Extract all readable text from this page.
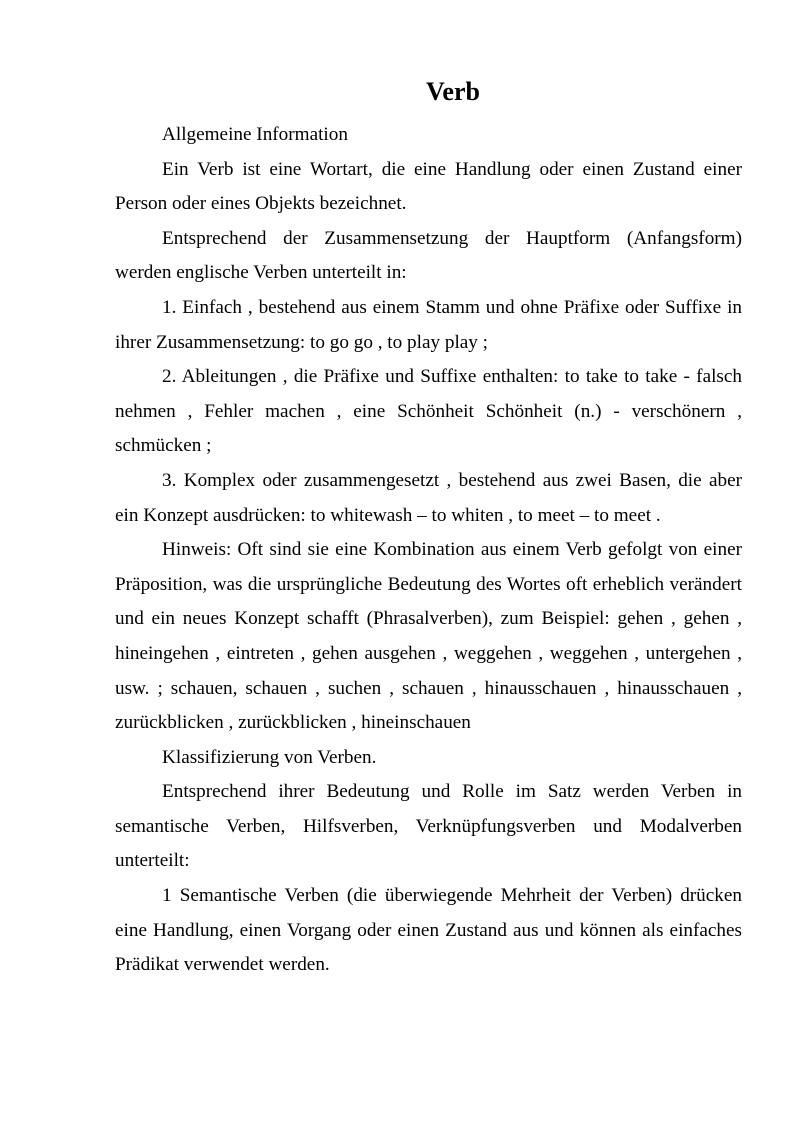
Verb

Allgemeine Information

Ein Verb ist eine Wortart, die eine Handlung oder einen Zustand einer Person oder eines Objekts bezeichnet.

Entsprechend der Zusammensetzung der Hauptform (Anfangsform) werden englische Verben unterteilt in:

1. Einfach , bestehend aus einem Stamm und ohne Präfixe oder Suffixe in ihrer Zusammensetzung: to go go , to play play ;

2. Ableitungen , die Präfixe und Suffixe enthalten: to take to take - falsch nehmen , Fehler machen , eine Schönheit Schönheit (n.) - verschönern , schmücken ;

3. Komplex oder zusammengesetzt , bestehend aus zwei Basen, die aber ein Konzept ausdrücken: to whitewash – to whiten , to meet – to meet .

Hinweis: Oft sind sie eine Kombination aus einem Verb gefolgt von einer Präposition, was die ursprüngliche Bedeutung des Wortes oft erheblich verändert und ein neues Konzept schafft (Phrasalverben), zum Beispiel: gehen , gehen , hineingehen , eintreten , gehen ausgehen , weggehen , weggehen , untergehen , usw. ; schauen, schauen , suchen , schauen , hinausschauen , hinausschauen , zurückblicken , zurückblicken , hineinschauen

Klassifizierung von Verben.

Entsprechend ihrer Bedeutung und Rolle im Satz werden Verben in semantische Verben, Hilfsverben, Verknüpfungsverben und Modalverben unterteilt:

1 Semantische Verben (die überwiegende Mehrheit der Verben) drücken eine Handlung, einen Vorgang oder einen Zustand aus und können als einfaches Prädikat verwendet werden.
